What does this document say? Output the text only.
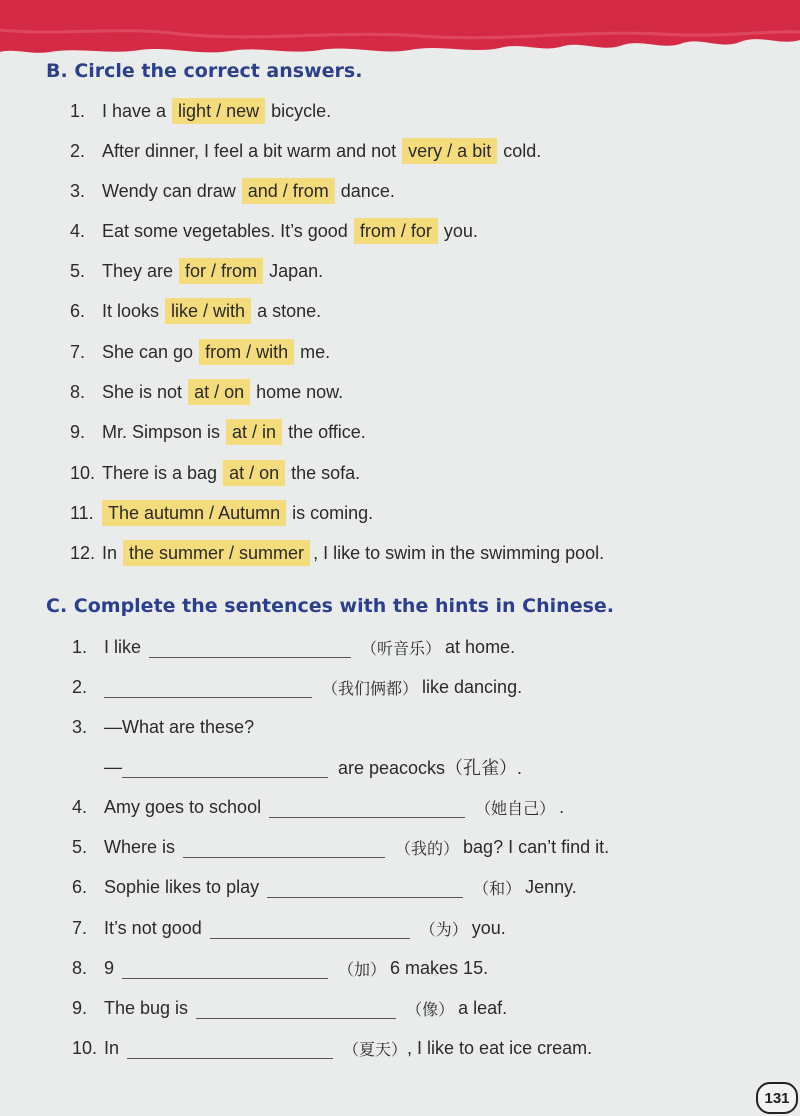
B. Circle the correct answers.
1. I have a light / new bicycle.
2. After dinner, I feel a bit warm and not very / a bit cold.
3. Wendy can draw and / from dance.
4. Eat some vegetables. It’s good from / for you.
5. They are for / from Japan.
6. It looks like / with a stone.
7. She can go from / with me.
8. She is not at / on home now.
9. Mr. Simpson is at / in the office.
10. There is a bag at / on the sofa.
11. The autumn / Autumn is coming.
12. In the summer / summer , I like to swim in the swimming pool.
C. Complete the sentences with the hints in Chinese.
1. I like	（听音乐） at home.
2.	（我们俩都） like dancing.
3. —What are these?
—	are peacocks（孔雀）.
4. Amy goes to school	（她自己） .
5. Where is	（我的） bag? I can’t find it.
6. Sophie likes to play	（和） Jenny.
7. It’s not good	（为） you.
8. 9	（加） 6 makes 15.
9. The bug is	（像） a leaf.
10. In	（夏天） , I like to eat ice cream.
131
